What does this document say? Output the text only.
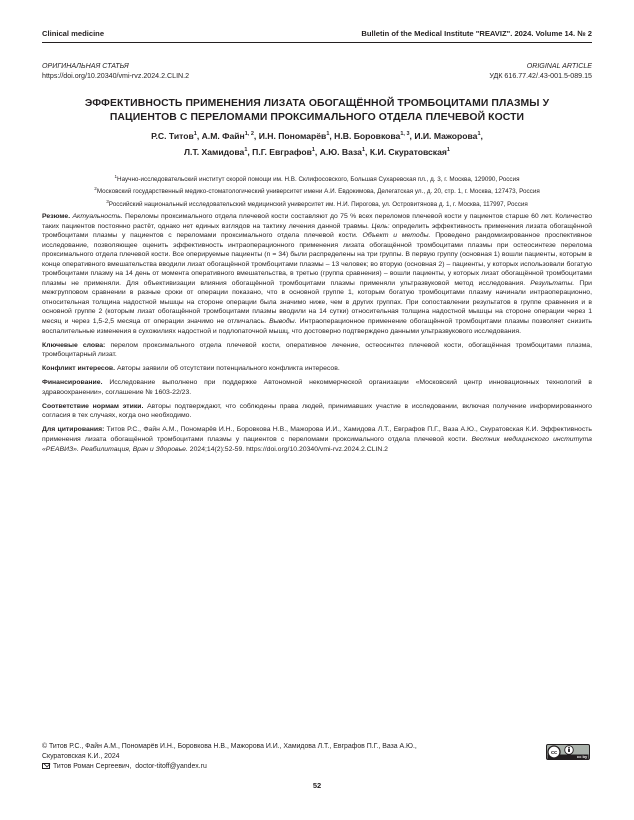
Clinical medicine	Bulletin of the Medical Institute "REAVIZ". 2024. Volume 14. № 2
ОРИГИНАЛЬНАЯ СТАТЬЯ	ORIGINAL ARTICLE
https://doi.org/10.20340/vmi-rvz.2024.2.CLIN.2	УДК 616.77.42/.43-001.5-089.15
ЭФФЕКТИВНОСТЬ ПРИМЕНЕНИЯ ЛИЗАТА ОБОГАЩЁННОЙ ТРОМБОЦИТАМИ ПЛАЗМЫ У ПАЦИЕНТОВ С ПЕРЕЛОМАМИ ПРОКСИМАЛЬНОГО ОТДЕЛА ПЛЕЧЕВОЙ КОСТИ
Р.С. Титов$^1$, А.М. Файн$^{1, 2}$, И.Н. Пономарёв$^1$, Н.В. Боровкова$^{1, 3}$, И.И. Мажорова$^1$,
Л.Т. Хамидова$^1$, П.Г. Евграфов$^1$, А.Ю. Ваза$^1$, К.И. Скуратовская$^1$
$^1$Научно-исследовательский институт скорой помощи им. Н.В. Склифосовского, Большая Сухаревская пл., д. 3, г. Москва, 129090, Россия
$^2$Московский государственный медико-стоматологический университет имени А.И. Евдокимова, Делегатская ул., д. 20, стр. 1, г. Москва, 127473, Россия
$^3$Российский национальный исследовательский медицинский университет им. Н.И. Пирогова, ул. Островитянова д. 1, г. Москва, 117997, Россия

Резюме. Актуальность. Переломы проксимального отдела плечевой кости составляют до 75 % всех переломов плечевой кости у пациентов старше 60 лет. Количество таких пациентов постоянно растёт, однако нет единых взглядов на тактику лечения данной травмы. Цель: определить эффективность применения лизата обогащённой тромбоцитами плазмы у пациентов с переломами проксимального отдела плечевой кости. Объект и методы. Проведено рандомизированное проспективное исследование, позволяющее оценить эффективность интраоперационного применения лизата обогащённой тромбоцитами плазмы при остеосинтезе перелома проксимального отдела плечевой кости. Все оперируемые пациенты (n = 34) были распределены на три группы. В первую группу (основная 1) вошли пациенты, которым в конце оперативного вмешательства вводили лизат обогащённой тромбоцитами плазмы – 13 человек; во вторую (основная 2) – пациенты, у которых использовали богатую тромбоцитами плазму на 14 день от момента оперативного вмешательства, в третью (группа сравнения) – вошли пациенты, у которых лизат обогащённой тромбоцитами плазмы не применяли. Для объективизации влияния обогащённой тромбоцитами плазмы применяли ультразвуковой метод исследования. Результаты. При межгрупповом сравнении в разные сроки от операции показано, что в основной группе 1, которым богатую тромбоцитами плазму начинали интраоперационно, относительная толщина надостной мышцы на стороне операции была значимо ниже, чем в других группах. При сопоставлении результатов в группе сравнения и в основной группе 2 (которым лизат обогащённой тромбоцитами плазмы вводили на 14 сутки) относительная толщина надостной мышцы на стороне операции через 1 месяц и через 1,5-2,5 месяца от операции значимо не отличалась. Выводы. Интраоперационное применение обогащённой тромбоцитами плазмы позволяет снизить воспалительные изменения в сухожилиях надостной и подлопаточной мышц, что достоверно подтверждено данными ультразвукового исследования.

Ключевые слова: перелом проксимального отдела плечевой кости, оперативное лечение, остеосинтез плечевой кости, обогащённая тромбоцитами плазма, тромбоцитарный лизат.

Конфликт интересов. Авторы заявили об отсутствии потенциального конфликта интересов.

Финансирование. Исследование выполнено при поддержке Автономной некоммерческой организации «Московский центр инновационных технологий в здравоохранении», соглашение № 1603-22/23.

Соответствие нормам этики. Авторы подтверждают, что соблюдены права людей, принимавших участие в исследовании, включая получение информированного согласия в тех случаях, когда оно необходимо.

Для цитирования: Титов Р.С., Файн А.М., Пономарёв И.Н., Боровкова Н.В., Мажорова И.И., Хамидова Л.Т., Евграфов П.Г., Ваза А.Ю., Скуратовская К.И. Эффективность применения лизата обогащённой тромбоцитами плазмы у пациентов с переломами проксимального отдела плечевой кости. Вестник медицинского института «РЕАВИЗ». Реабилитация, Врач и Здоровье. 2024;14(2):52-59. https://doi.org/10.20340/vmi-rvz.2024.2.CLIN.2

© Титов Р.С., Файн А.М., Пономарёв И.Н., Боровкова Н.В., Мажорова И.И., Хамидова Л.Т., Евграфов П.Г., Ваза А.Ю., Скуратовская К.И., 2024
Титов Роман Сергеевич, doctor-titoff@yandex.ru
cc
cc by
52
